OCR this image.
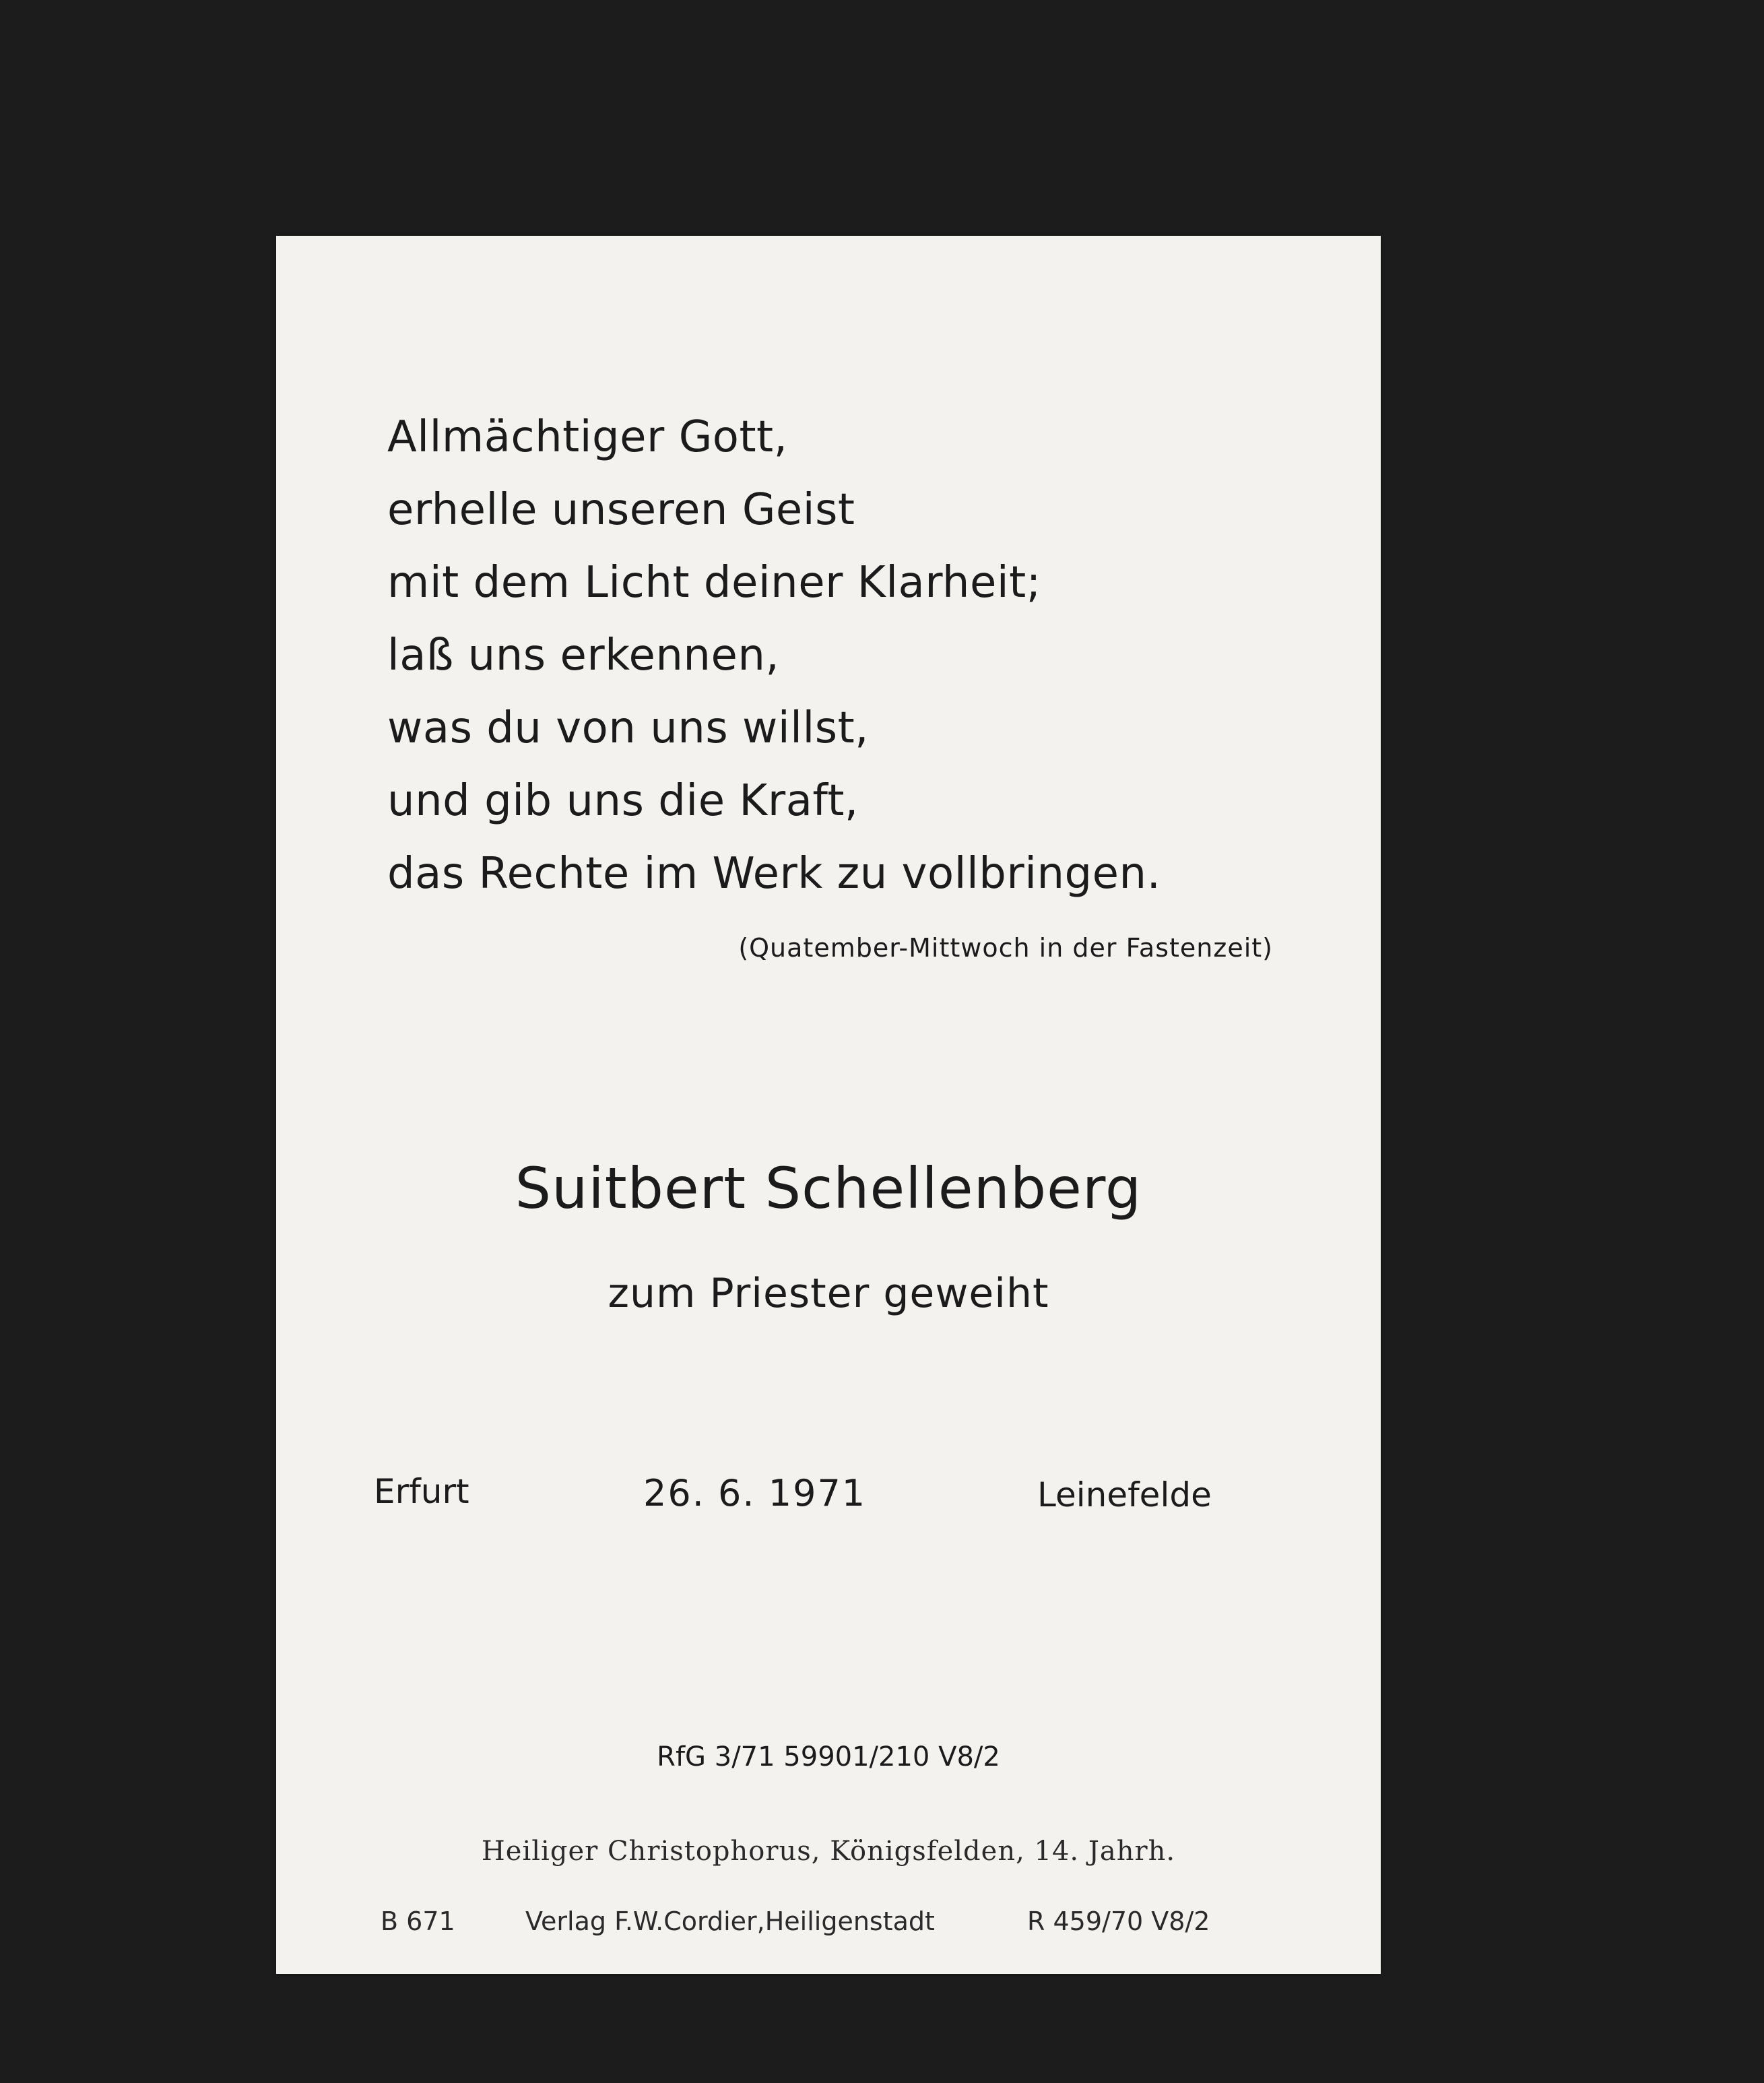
Allmächtiger Gott,
erhelle unseren Geist
mit dem Licht deiner Klarheit;
laß uns erkennen,
was du von uns willst,
und gib uns die Kraft,
das Rechte im Werk zu vollbringen.
(Quatember-Mittwoch in der Fastenzeit)
Suitbert Schellenberg
zum Priester geweiht
Erfurt	26. 6. 1971	Leinefelde
RfG 3/71 59901/210 V8/2
Heiliger Christophorus, Königsfelden, 14. Jahrh.
B 671	Verlag F.W.Cordier,Heiligenstadt	R 459/70 V8/2
